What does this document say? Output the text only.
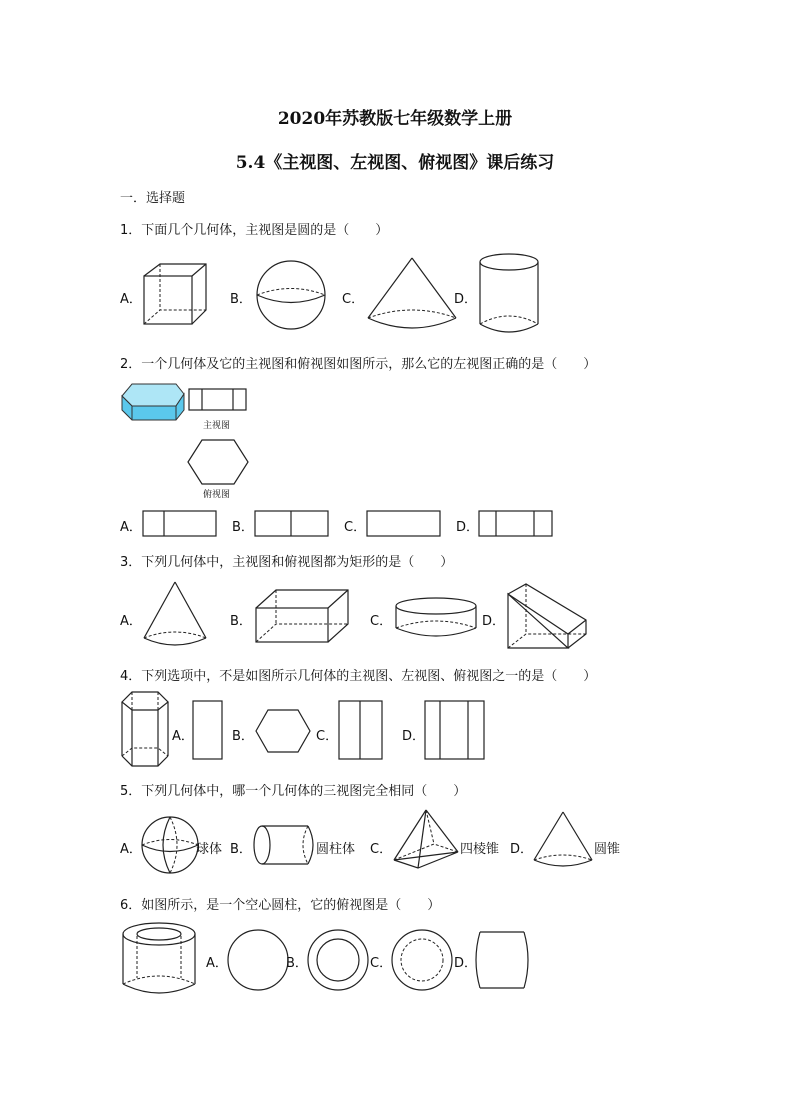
2020年苏教版七年级数学上册
5.4《主视图、左视图、俯视图》课后练习
一．选择题
1．下面几个几何体，主视图是圆的是（　　）
A．	B．	C．	D．
2．一个几何体及它的主视图和俯视图如图所示，那么它的左视图正确的是（　　）
主视图
俯视图
A．	B．	C．	D．
3．下列几何体中，主视图和俯视图都为矩形的是（　　）
A．	B．	C．	D．
4．下列选项中，不是如图所示几何体的主视图、左视图、俯视图之一的是（　　）
A．	B．	C．	D．
5．下列几何体中，哪一个几何体的三视图完全相同（　　）
A．	球体 B．	圆柱体 C．	四棱锥 D．	圆锥
6．如图所示，是一个空心圆柱，它的俯视图是（　　）
A．	B．	C．	D．
